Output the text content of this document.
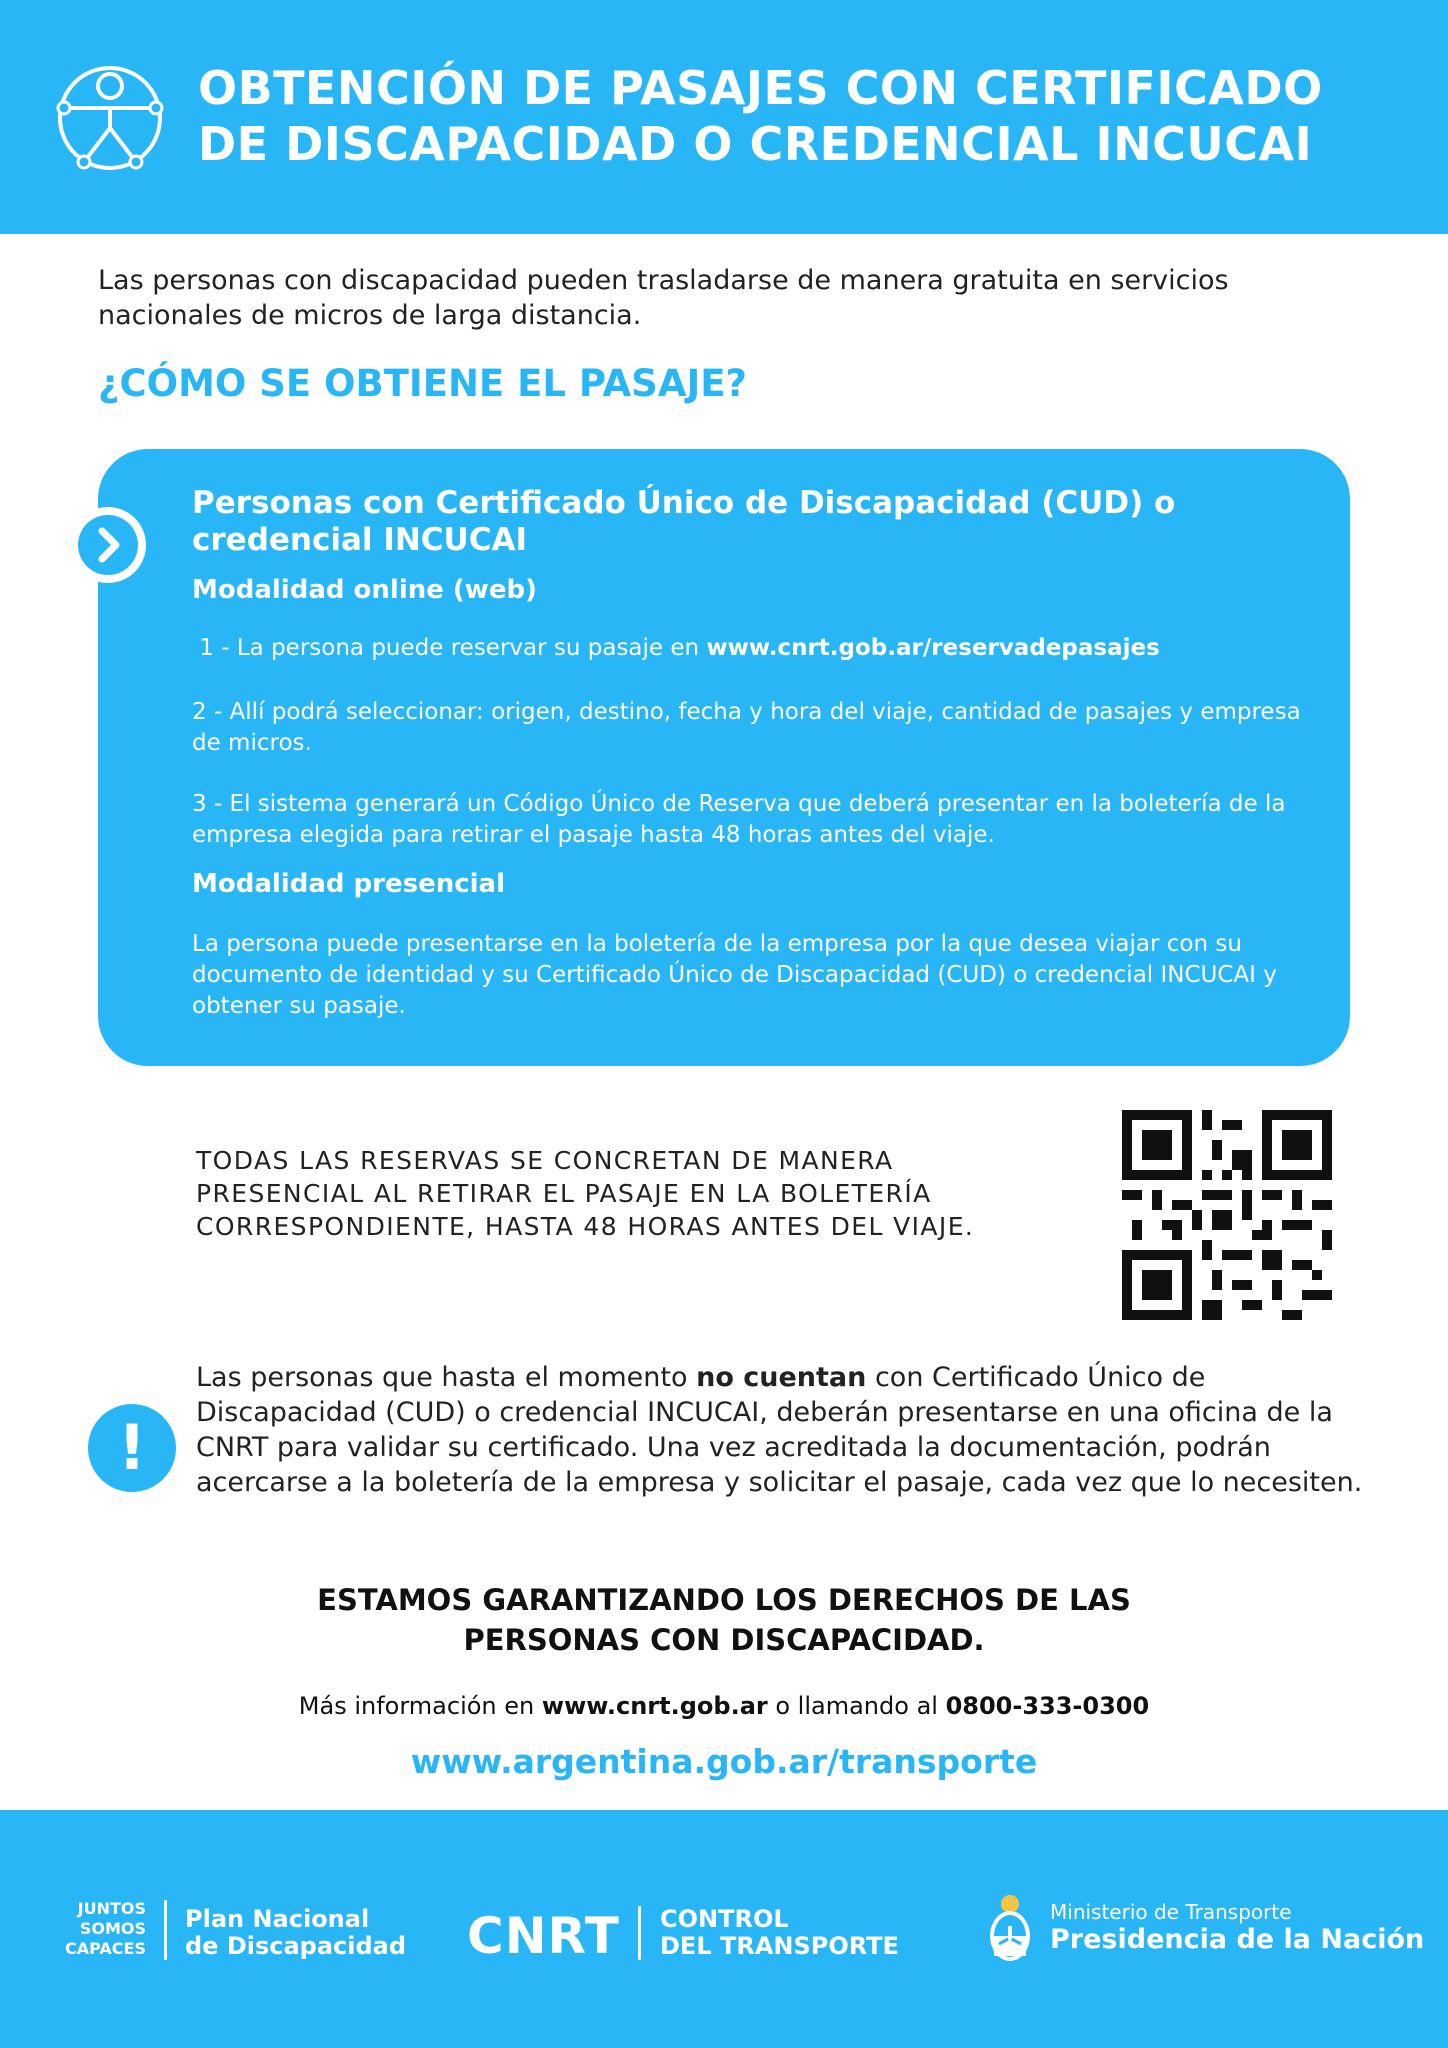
OBTENCIÓN DE PASAJES CON CERTIFICADO
DE DISCAPACIDAD O CREDENCIAL INCUCAI
Las personas con discapacidad pueden trasladarse de manera gratuita en servicios nacionales de micros de larga distancia.
¿CÓMO SE OBTIENE EL PASAJE?
Personas con Certificado Único de Discapacidad (CUD) o credencial INCUCAI
Modalidad online (web)
1 - La persona puede reservar su pasaje en www.cnrt.gob.ar/reservadepasajes
2 - Allí podrá seleccionar: origen, destino, fecha y hora del viaje, cantidad de pasajes y empresa de micros.
3 - El sistema generará un Código Único de Reserva que deberá presentar en la boletería de la empresa elegida para retirar el pasaje hasta 48 horas antes del viaje.
Modalidad presencial
La persona puede presentarse en la boletería de la empresa por la que desea viajar con su documento de identidad y su Certificado Único de Discapacidad (CUD) o credencial INCUCAI y obtener su pasaje.
TODAS LAS RESERVAS SE CONCRETAN DE MANERA
PRESENCIAL AL RETIRAR EL PASAJE EN LA BOLETERÍA
CORRESPONDIENTE, HASTA 48 HORAS ANTES DEL VIAJE.
!
Las personas que hasta el momento no cuentan con Certificado Único de Discapacidad (CUD) o credencial INCUCAI, deberán presentarse en una oficina de la CNRT para validar su certificado. Una vez acreditada la documentación, podrán acercarse a la boletería de la empresa y solicitar el pasaje, cada vez que lo necesiten.
ESTAMOS GARANTIZANDO LOS DERECHOS DE LAS
PERSONAS CON DISCAPACIDAD.
Más información en www.cnrt.gob.ar o llamando al 0800-333-0300
www.argentina.gob.ar/transporte
JUNTOS
SOMOS
CAPACES
Plan Nacional
de Discapacidad CNRT CONTROL
DEL TRANSPORTE
Ministerio de Transporte
Presidencia de la Nación
